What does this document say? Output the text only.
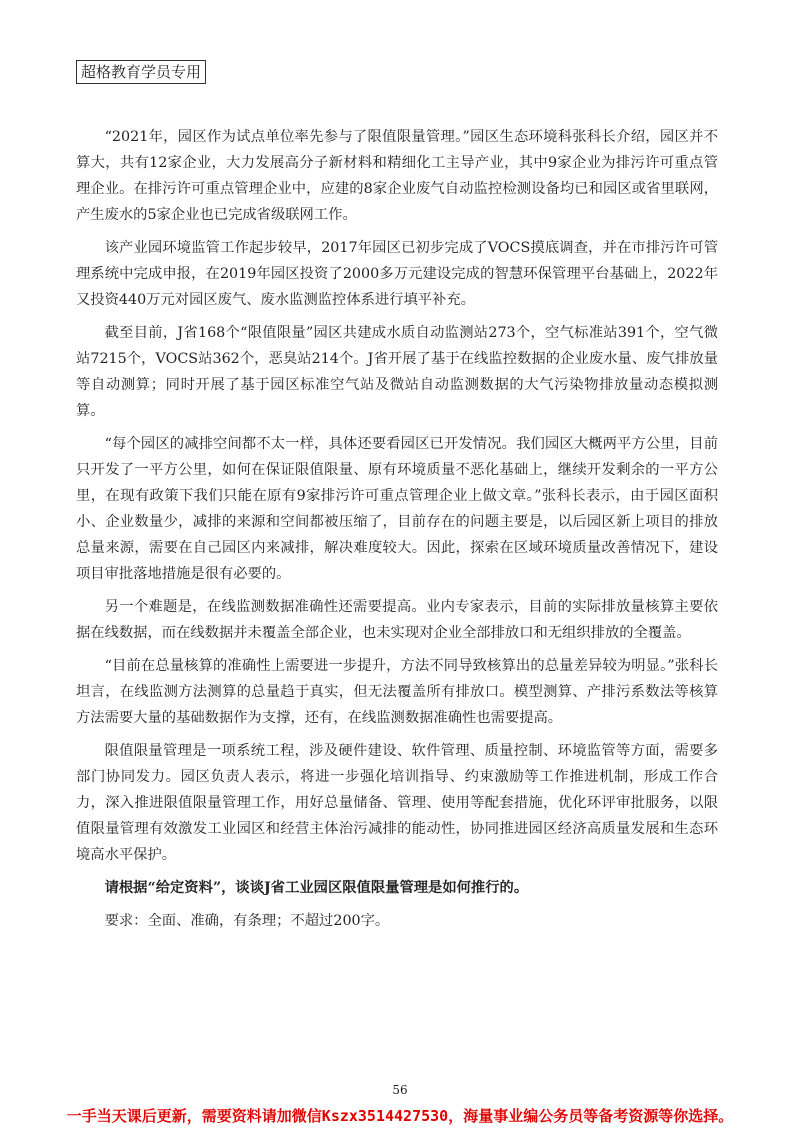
超格教育学员专用

“2021年，园区作为试点单位率先参与了限值限量管理。”园区生态环境科张科长介绍，园区并不算大，共有12家企业，大力发展高分子新材料和精细化工主导产业，其中9家企业为排污许可重点管理企业。在排污许可重点管理企业中，应建的8家企业废气自动监控检测设备均已和园区或省里联网，产生废水的5家企业也已完成省级联网工作。

该产业园环境监管工作起步较早，2017年园区已初步完成了VOCS摸底调查，并在市排污许可管理系统中完成申报，在2019年园区投资了2000多万元建设完成的智慧环保管理平台基础上，2022年又投资440万元对园区废气、废水监测监控体系进行填平补充。

截至目前，J省168个“限值限量”园区共建成水质自动监测站273个，空气标准站391个，空气微站7215个，VOCS站362个，恶臭站214个。J省开展了基于在线监控数据的企业废水量、废气排放量等自动测算；同时开展了基于园区标准空气站及微站自动监测数据的大气污染物排放量动态模拟测算。

“每个园区的减排空间都不太一样，具体还要看园区已开发情况。我们园区大概两平方公里，目前只开发了一平方公里，如何在保证限值限量、原有环境质量不恶化基础上，继续开发剩余的一平方公里，在现有政策下我们只能在原有9家排污许可重点管理企业上做文章。”张科长表示，由于园区面积小、企业数量少，减排的来源和空间都被压缩了，目前存在的问题主要是，以后园区新上项目的排放总量来源，需要在自己园区内来减排，解决难度较大。因此，探索在区域环境质量改善情况下，建设项目审批落地措施是很有必要的。

另一个难题是，在线监测数据准确性还需要提高。业内专家表示，目前的实际排放量核算主要依据在线数据，而在线数据并未覆盖全部企业，也未实现对企业全部排放口和无组织排放的全覆盖。

“目前在总量核算的准确性上需要进一步提升，方法不同导致核算出的总量差异较为明显。”张科长坦言，在线监测方法测算的总量趋于真实，但无法覆盖所有排放口。模型测算、产排污系数法等核算方法需要大量的基础数据作为支撑，还有，在线监测数据准确性也需要提高。

限值限量管理是一项系统工程，涉及硬件建设、软件管理、质量控制、环境监管等方面，需要多部门协同发力。园区负责人表示，将进一步强化培训指导、约束激励等工作推进机制，形成工作合力，深入推进限值限量管理工作，用好总量储备、管理、使用等配套措施，优化环评审批服务，以限值限量管理有效激发工业园区和经营主体治污减排的能动性，协同推进园区经济高质量发展和生态环境高水平保护。

请根据“给定资料”，谈谈J省工业园区限值限量管理是如何推行的。

要求：全面、准确，有条理；不超过200字。

56
一手当天课后更新，需要资料请加微信Kszx3514427530，海量事业编公务员等备考资源等你选择。
